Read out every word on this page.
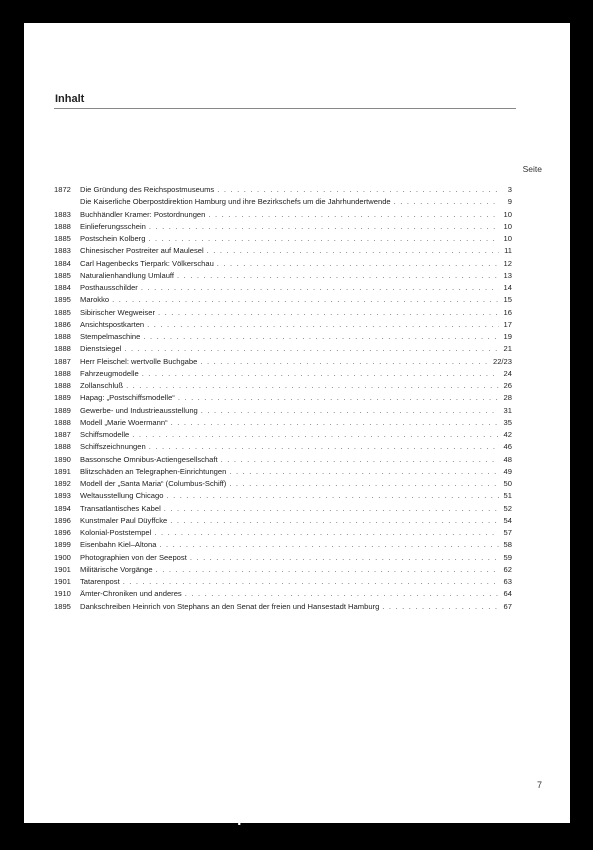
Inhalt
Seite
1872	Die Gründung des Reichspostmuseums . . .	3
Die Kaiserliche Oberpostdirektion Hamburg und ihre Bezirkschefs um die Jahrhundertwende . . .	9
1883	Buchhändler Kramer: Postordnungen . . .	10
1888	Einlieferungsschein . . .	10
1885	Postschein Kolberg . . .	10
1883	Chinesischer Postreiter auf Maulesel . . .	11
1884	Carl Hagenbecks Tierpark: Völkerschau . . .	12
1885	Naturalienhandlung Umlauff . . .	13
1884	Posthausschilder . . .	14
1895	Marokko . . .	15
1885	Sibirischer Wegweiser . . .	16
1886	Ansichtspostkarten . . .	17
1888	Stempelmaschine . . .	19
1888	Dienstsiegel . . .	21
1887	Herr Fleischel: wertvolle Buchgabe . . .	22/23
1888	Fahrzeugmodelle . . .	24
1888	Zollanschluß . . .	26
1889	Hapag: „Postschiffsmodelle“ . . .	28
1889	Gewerbe- und Industrieausstellung . . .	31
1888	Modell „Marie Woermann“ . . .	35
1887	Schiffsmodelle . . .	42
1888	Schiffszeichnungen . . .	46
1890	Bassonsche Omnibus-Actiengesellschaft . . .	48
1891	Blitzschäden an Telegraphen-Einrichtungen . . .	49
1892	Modell der „Santa Maria“ (Columbus-Schiff) . . .	50
1893	Weltausstellung Chicago . . .	51
1894	Transatlantisches Kabel . . .	52
1896	Kunstmaler Paul Düyffcke . . .	54
1896	Kolonial-Poststempel . . .	57
1899	Eisenbahn Kiel–Altona . . .	58
1900	Photographien von der Seepost . . .	59
1901	Militärische Vorgänge . . .	62
1901	Tatarenpost . . .	63
1910	Ämter-Chroniken und anderes . . .	64
1895	Dankschreiben Heinrich von Stephans an den Senat der freien und Hansestadt Hamburg . . .	67
7
www.philabooks.com
